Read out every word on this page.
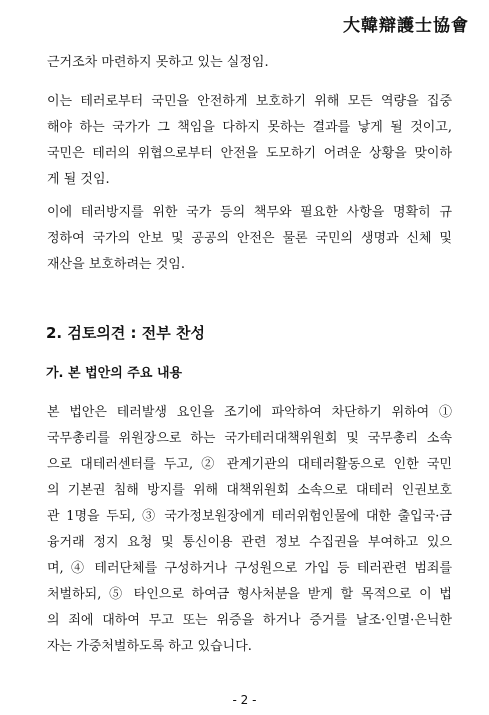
大韓辯護士協會
근거조차 마련하지 못하고 있는 실정임.
이는 테러로부터 국민을 안전하게 보호하기 위해 모든 역량을 집중
해야 하는 국가가 그 책임을 다하지 못하는 결과를 낳게 될 것이고,
국민은 테러의 위협으로부터 안전을 도모하기 어려운 상황을 맞이하
게 될 것임.
이에 테러방지를 위한 국가 등의 책무와 필요한 사항을 명확히 규
정하여 국가의 안보 및 공공의 안전은 물론 국민의 생명과 신체 및
재산을 보호하려는 것임.
2. 검토의견 : 전부 찬성
가. 본 법안의 주요 내용
본 법안은 테러발생 요인을 조기에 파악하여 차단하기 위하여 ①
국무총리를 위원장으로 하는 국가테러대책위원회 및 국무총리 소속
으로 대테러센터를 두고, ② 관계기관의 대테러활동으로 인한 국민
의 기본권 침해 방지를 위해 대책위원회 소속으로 대테러 인권보호
관 1명을 두되, ③ 국가정보원장에게 테러위험인물에 대한 출입국·금
융거래 정지 요청 및 통신이용 관련 정보 수집권을 부여하고 있으
며, ④ 테러단체를 구성하거나 구성원으로 가입 등 테러관련 범죄를
처벌하되, ⑤ 타인으로 하여금 형사처분을 받게 할 목적으로 이 법
의 죄에 대하여 무고 또는 위증을 하거나 증거를 날조·인멸·은닉한
자는 가중처벌하도록 하고 있습니다.
- 2 -
